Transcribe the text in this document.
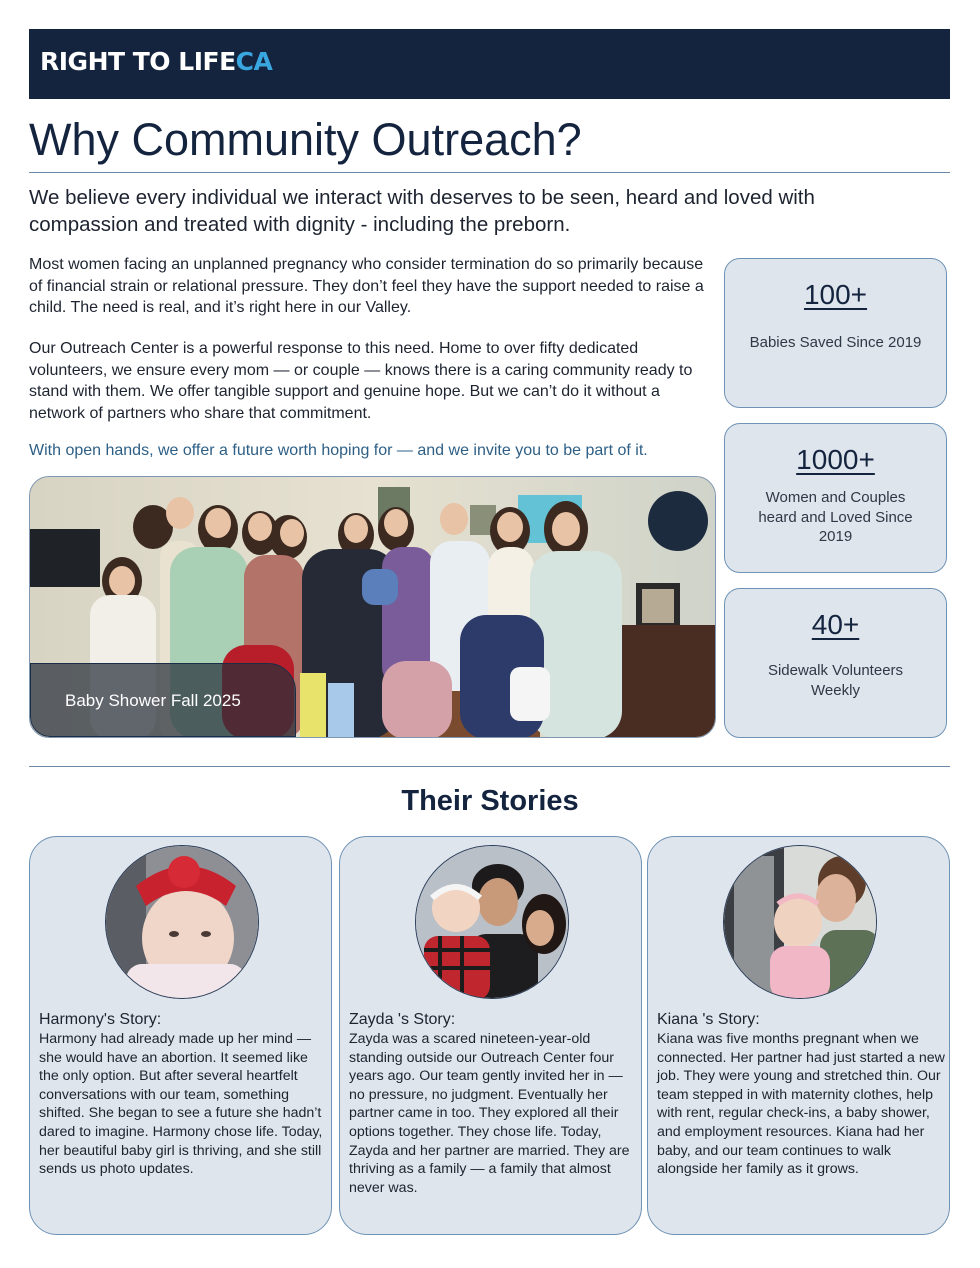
RIGHT TO LIFECA
Why Community Outreach?

We believe every individual we interact with deserves to be seen, heard and loved with compassion and treated with dignity - including the preborn.

Most women facing an unplanned pregnancy who consider termination do so primarily because of financial strain or relational pressure. They don’t feel they have the support needed to raise a child. The need is real, and it’s right here in our Valley.

Our Outreach Center is a powerful response to this need. Home to over fifty dedicated volunteers, we ensure every mom — or couple — knows there is a caring community ready to stand with them. We offer tangible support and genuine hope. But we can’t do it without a network of partners who share that commitment.

With open hands, we offer a future worth hoping for — and we invite you to be part of it.

Baby Shower Fall 2025
100+
Babies Saved Since 2019
1000+
Women and Couples heard and Loved Since 2019
40+
Sidewalk Volunteers Weekly
Their Stories
Harmony's Story:

Harmony had already made up her mind — she would have an abortion. It seemed like the only option. But after several heartfelt conversations with our team, something shifted. She began to see a future she hadn’t dared to imagine. Harmony chose life. Today, her beautiful baby girl is thriving, and she still sends us photo updates.

Zayda 's Story:

Zayda was a scared nineteen-year-old standing outside our Outreach Center four years ago. Our team gently invited her in — no pressure, no judgment. Eventually her partner came in too. They explored all their options together. They chose life. Today, Zayda and her partner are married. They are thriving as a family — a family that almost never was.

Kiana 's Story:

Kiana was five months pregnant when we connected. Her partner had just started a new job. They were young and stretched thin. Our team stepped in with maternity clothes, help with rent, regular check-ins, a baby shower, and employment resources. Kiana had her baby, and our team continues to walk alongside her family as it grows.
